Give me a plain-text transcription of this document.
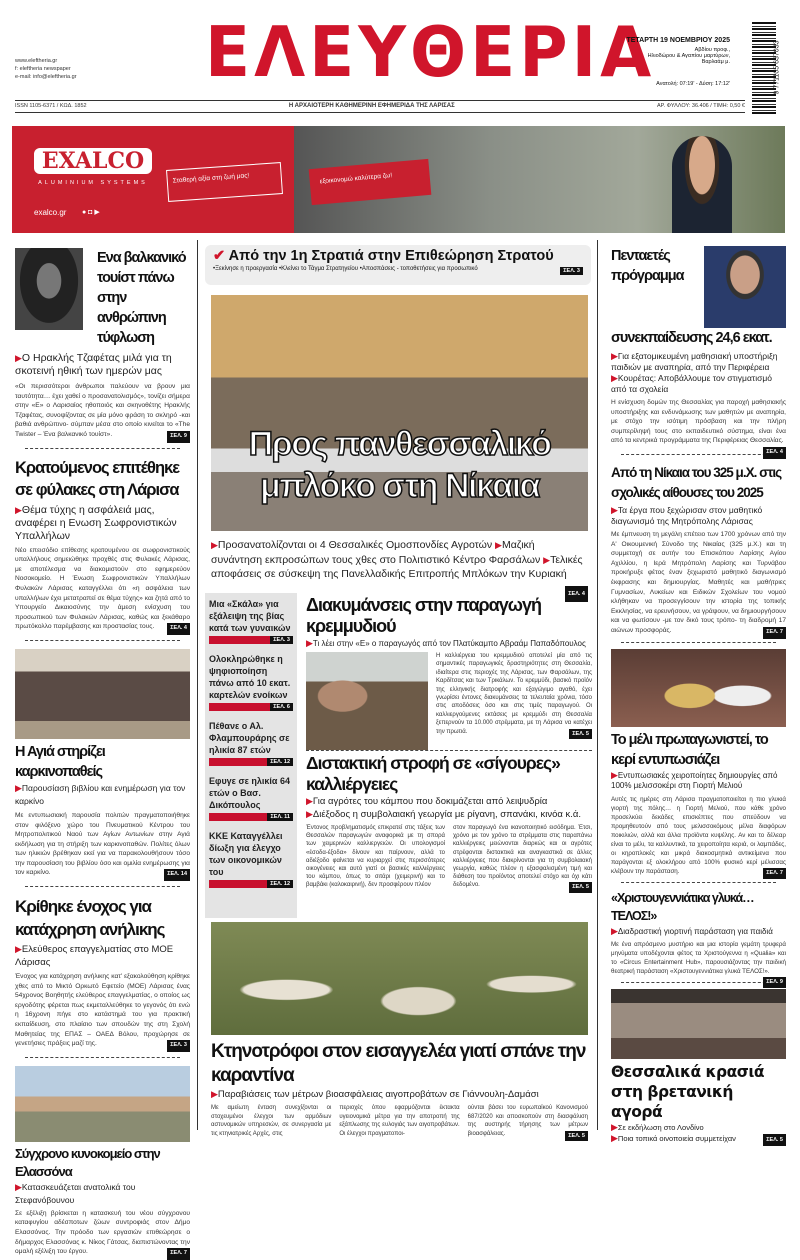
www.eleftheria.gr
f: eleftheria newspaper
e-mail: info@eleftheria.gr ΕΛΕΥΘΕΡΙΑ
ΤΕΤΑΡΤΗ 19 ΝΟΕΜΒΡΙΟΥ 2025
Αβδίου προφ.,
Ηλιοδώρου & Αγαπίου μαρτύρων,
Βαρλαάμ μ.
Ανατολή: 07:19' - Δύση: 17:12'	9 771105 637033
ISSN 1105-6371 / ΚΩΔ. 1852	Η ΑΡΧΑΙΟΤΕΡΗ ΚΑΘΗΜΕΡΙΝΗ ΕΦΗΜΕΡΙΔΑ ΤΗΣ ΛΑΡΙΣΑΣ	ΑΡ. ΦΥΛΛΟΥ: 36.406 / ΤΙΜΗ: 0,50 €
EXALCO
ALUMINIUM SYSTEMS
exalco.gr ● ◘ ▶
Σταθερή αξία στη ζωή μας!	εξοικονομώ καλύτερα ζω!
Ενα βαλκανικό τουίστ πάνω στην ανθρώπινη τύφλωση
▶Ο Ηρακλής Τζαφέτας μιλά για τη σκοτεινή ηθική των ημερών μας
«Οι περισσότεροι άνθρωποι παλεύουν να βρουν μια ταυτότητα… έχει χαθεί ο προσανατολισμός», τονίζει σήμερα στην «Ε» ο Λαρισαίος ηθοποιός και σκηνοθέτης Ηρακλής Τζαφέτας, συνοψίζοντας σε μία μόνο φράση το σκληρό -και βαθιά ανθρώπινο- σύμπαν μέσα στο οποίο κινείται το «The Twister – Ένα βαλκανικό τουίστ».	ΣΕΛ. 9
Κρατούμενος επιτέθηκε σε φύλακες στη Λάρισα
▶Θέμα τύχης η ασφάλειά μας, αναφέρει η Ενωση Σωφρονιστικών Υπαλλήλων
Νέο επεισόδιο επίθεσης κρατουμένου σε σωφρονιστικούς υπαλλήλους σημειώθηκε προχθές στις Φυλακές Λάρισας, με αποτέλεσμα να διακομιστούν στο εφημερεύον Νοσοκομείο. Η Ένωση Σωφρονιστικών Υπαλλήλων Φυλακών Λάρισας καταγγέλλει ότι «η ασφάλεια των υπαλλήλων έχει μετατραπεί σε θέμα τύχης» και ζητά από το Υπουργείο Δικαιοσύνης την άμεση ενίσχυση του προσωπικού των Φυλακών Λάρισας, καθώς και ξεκάθαρο πρωτόκολλο παρέμβασης και προστασίας τους.	ΣΕΛ. 4
Η Αγιά στηρίζει καρκινοπαθείς
▶Παρουσίαση βιβλίου και ενημέρωση για τον καρκίνο
Με εντυπωσιακή παρουσία πολιτών πραγματοποιήθηκε στον φιλόξενο χώρο του Πνευματικού Κέντρου του Μητροπολιτικού Ναού των Αγίων Αντωνίων στην Αγιά εκδήλωση για τη στήριξη των καρκινοπαθών. Πολίτες όλων των ηλικιών βρέθηκαν εκεί για να παρακολουθήσουν τόσο την παρουσίαση του βιβλίου όσο και ομιλία ενημέρωσης για τον καρκίνο.	ΣΕΛ. 14
Κρίθηκε ένοχος για κατάχρηση ανήλικης
▶Ελεύθερος επαγγελματίας στο ΜΟΕ Λάρισας
Ένοχος για κατάχρηση ανήλικης κατ' εξακολούθηση κρίθηκε χθες από το Μικτό Ορκωτό Εφετείο (ΜΟΕ) Λάρισας ένας 54χρονος Βοηθητής ελεύθερος επαγγελματίας, ο οποίος ως εργοδότης φέρεται πως εκμεταλλεύθηκε το γεγονός ότι ενώ η 16χρονη πήγε στο κατάστημά του για πρακτική εκπαίδευση, στο πλαίσιο των σπουδών της στη Σχολή Μαθητείας της ΕΠΑΣ – ΟΑΕΔ Βόλου, προχώρησε σε γενετήσιες πράξεις μαζί της.	ΣΕΛ. 3
Σύγχρονο κυνοκομείο στην Ελασσόνα
▶Κατασκευάζεται ανατολικά του Στεφανόβουνου
Σε εξέλιξη βρίσκεται η κατασκευή του νέου σύγχρονου καταφυγίου αδέσποτων ζώων συντροφιάς στον Δήμο Ελασσόνας. Την πρόοδο των εργασιών επιθεώρησε ο δήμαρχος Ελασσόνας κ. Νίκος Γάτσας, διαπιστώνοντας την ομαλή εξέλιξη του έργου.	ΣΕΛ. 7
✔ Από την 1η Στρατιά στην Επιθεώρηση Στρατού
•Ξεκίνησε η προεργασία •Κλείνει το Τάγμα Στρατηγείου •Αποσπάσεις - τοποθετήσεις για προσωπικό	ΣΕΛ. 3
Προς πανθεσσαλικό μπλόκο στη Νίκαια
▶Προσανατολίζονται οι 4 Θεσσαλικές Ομοσπονδίες Αγροτών ▶Μαζική συνάντηση εκπροσώπων τους χθες στο Πολιτιστικό Κέντρο Φαρσάλων ▶Τελικές αποφάσεις σε σύσκεψη της Πανελλαδικής Επιτροπής Μπλόκων την Κυριακή
ΣΕΛ. 4
Μια «Σκάλα» για εξάλειψη της βίας κατά των γυναικών
ΣΕΛ. 3
Ολοκληρώθηκε η ψηφιοποίηση πάνω από 10 εκατ. καρτελών ενοίκων
ΣΕΛ. 6
Πέθανε ο Αλ. Φλαμπουράρης σε ηλικία 87 ετών
ΣΕΛ. 12
Εφυγε σε ηλικία 64 ετών ο Βασ. Δικόπουλος
ΣΕΛ. 11
ΚΚΕ Καταγγέλλει δίωξη για έλεγχο των οικονομικών του
ΣΕΛ. 12
Διακυμάνσεις στην παραγωγή κρεμμυδιού
▶Τι λέει στην «Ε» ο παραγωγός από τον Πλατύκαμπο Αβραάμ Παπαδόπουλος
Η καλλιέργεια του κρεμμυδιού αποτελεί μία από τις σημαντικές παραγωγικές δραστηριότητες στη Θεσσαλία, ιδιαίτερα στις περιοχές της Λάρισας, των Φαρσάλων, της Καρδίτσας και των Τρικάλων. Το κρεμμύδι, βασικό προϊόν της ελληνικής διατροφής και εξαγώγιμο αγαθό, έχει γνωρίσει έντονες διακυμάνσεις τα τελευταία χρόνια, τόσο στις αποδόσεις όσο και στις τιμές παραγωγού. Οι καλλιεργούμενες εκτάσεις με κρεμμύδι στη Θεσσαλία ξεπερνούν τα 10.000 στρέμματα, με τη Λάρισα να κατέχει την πρωτιά.	ΣΕΛ. 5
Διστακτική στροφή σε «σίγουρες» καλλιέργειες
▶Για αγρότες του κάμπου που δοκιμάζεται από λειψυδρία
▶Διέξοδος η συμβολαιακή γεωργία με ρίγανη, σπανάκι, κινόα κ.ά.
Έντονος προβληματισμός επικρατεί στις τάξεις των Θεσσαλών παραγωγών αναφορικά με τη σπορά των χειμερινών καλλιεργειών. Οι υπολογισμοί «έσοδα-έξοδα» δίνουν και παίρνουν, αλλά το αδιέξοδο φαίνεται να κυριαρχεί στις περισσότερες οικογένειες και αυτό γιατί οι βασικές καλλιέργειες του κάμπου, όπως το σιτάρι (χειμερινή) και το βαμβάκι (καλοκαιρινή), δεν προσφέρουν πλέον
στον παραγωγό ένα ικανοποιητικό εισόδημα. Έτσι, χρόνο με τον χρόνο τα στρέμματα στις παραπάνω καλλιέργειες μειώνονται διαρκώς και οι αγρότες στρέφονται διστακτικά και αναγκαστικά σε άλλες καλλιέργειες που διακρίνονται για τη συμβολαιακή γεωργία, καθώς πλέον η εξασφαλισμένη τιμή και διάθεση του προϊόντος αποτελεί στόχο και όχι κάτι δεδομένο.	ΣΕΛ. 5
Κτηνοτρόφοι στον εισαγγελέα γιατί σπάνε την καραντίνα
▶Παραβιάσεις των μέτρων βιοασφάλειας αιγοπροβάτων σε Γιάννουλη-Δαμάσι
Με αμείωτη ένταση συνεχίζονται οι στοχευμένοι έλεγχοι των αρμόδιων αστυνομικών υπηρεσιών, σε συνεργασία με τις κτηνιατρικές Αρχές, στις
περιοχές όπου εφαρμόζονται έκτακτα υγειονομικά μέτρα για την αποτροπή της εξάπλωσης της ευλογιάς των αιγοπροβάτων. Οι έλεγχοι πραγματοποι-
ούνται βάσει του ευρωπαϊκού Κανονισμού 687/2020 και αποσκοπούν στη διασφάλιση της αυστηρής τήρησης των μέτρων βιοασφάλειας.	ΣΕΛ. 5
Πενταετές πρόγραμμα συνεκπαίδευσης 24,6 εκατ.
▶Για εξατομικευμένη μαθησιακή υποστήριξη παιδιών με αναπηρία, από την Περιφέρεια
▶Κουρέτας: Αποβάλλουμε τον στιγματισμό από τα σχολεία
Η ενίσχυση δομών της Θεσσαλίας για παροχή μαθησιακής υποστήριξης και ενδυνάμωσης των μαθητών με αναπηρία, με στόχο την ισότιμη πρόσβαση και την πλήρη συμπερίληψή τους στο εκπαιδευτικό σύστημα, είναι ένα από τα κεντρικά προγράμματα της Περιφέρειας Θεσσαλίας.
ΣΕΛ. 4
Από τη Νίκαια του 325 μ.Χ. στις σχολικές αίθουσες του 2025
▶Τα έργα που ξεχώρισαν στον μαθητικό διαγωνισμό της Μητρόπολης Λάρισας
Με έμπνευση τη μεγάλη επέτειο των 1700 χρόνων από την Α' Οικουμενική Σύνοδο της Νικαίας (325 μ.Χ.) και τη συμμετοχή σε αυτήν του Επισκόπου Λαρίσης Αγίου Αχιλλίου, η Ιερά Μητρόπολη Λαρίσης και Τυρνάβου προκήρυξε φέτος έναν ξεχωριστό μαθητικό διαγωνισμό έκφρασης και δημιουργίας. Μαθητές και μαθήτριες Γυμνασίων, Λυκείων και Ειδικών Σχολείων του νομού κλήθηκαν να προσεγγίσουν την ιστορία της τοπικής Εκκλησίας, να ερευνήσουν, να γράψουν, να δημιουργήσουν και να φωτίσουν -με τον δικό τους τρόπο- τη διαδρομή 17 αιώνων προσφοράς.	ΣΕΛ. 7
Το μέλι πρωταγωνιστεί, το κερί εντυπωσιάζει
▶Εντυπωσιακές χειροποίητες δημιουργίες από 100% μελισσοκέρι στη Γιορτή Μελιού
Αυτές τις ημέρες στη Λάρισα πραγματοποιείται η πιο γλυκιά γιορτή της πόλης… η Γιορτή Μελιού, που κάθε χρόνο προσελκύει δεκάδες επισκέπτες που σπεύδουν να προμηθευτούν από τους μελισσοκόμους μέλια διαφόρων ποικιλιών, αλλά και άλλα προϊόντα κυψέλης. Αν και το δέλεαρ είναι το μέλι, τα καλλυντικά, τα χειροποίητα κεριά, οι λαμπάδες, οι κηροπλοκές και μικρά διακοσμητικά αντικείμενα που παράγονται εξ ολοκλήρου από 100% φυσικό κερί μέλισσας κλέβουν την παράσταση.	ΣΕΛ. 7
«Χριστουγεννιάτικα γλυκά… ΤΕΛΟΣ!»
▶Διαδραστική γιορτινή παράσταση για παιδιά
Με ένα απρόσμενο μυστήριο και μια ιστορία γεμάτη τρυφερά μηνύματα υποδέχονται φέτος τα Χριστούγεννα η «Qualia» και το «Circus Entertainment Hub», παρουσιάζοντας την παιδική θεατρική παράσταση «Χριστουγεννιάτικα γλυκά ΤΕΛΟΣ!».
ΣΕΛ. 9
Θεσσαλικά κρασιά στη βρετανική αγορά
▶Σε εκδήλωση στο Λονδίνο
▶Ποια τοπικά οινοποιεία συμμετείχαν	ΣΕΛ. 5
